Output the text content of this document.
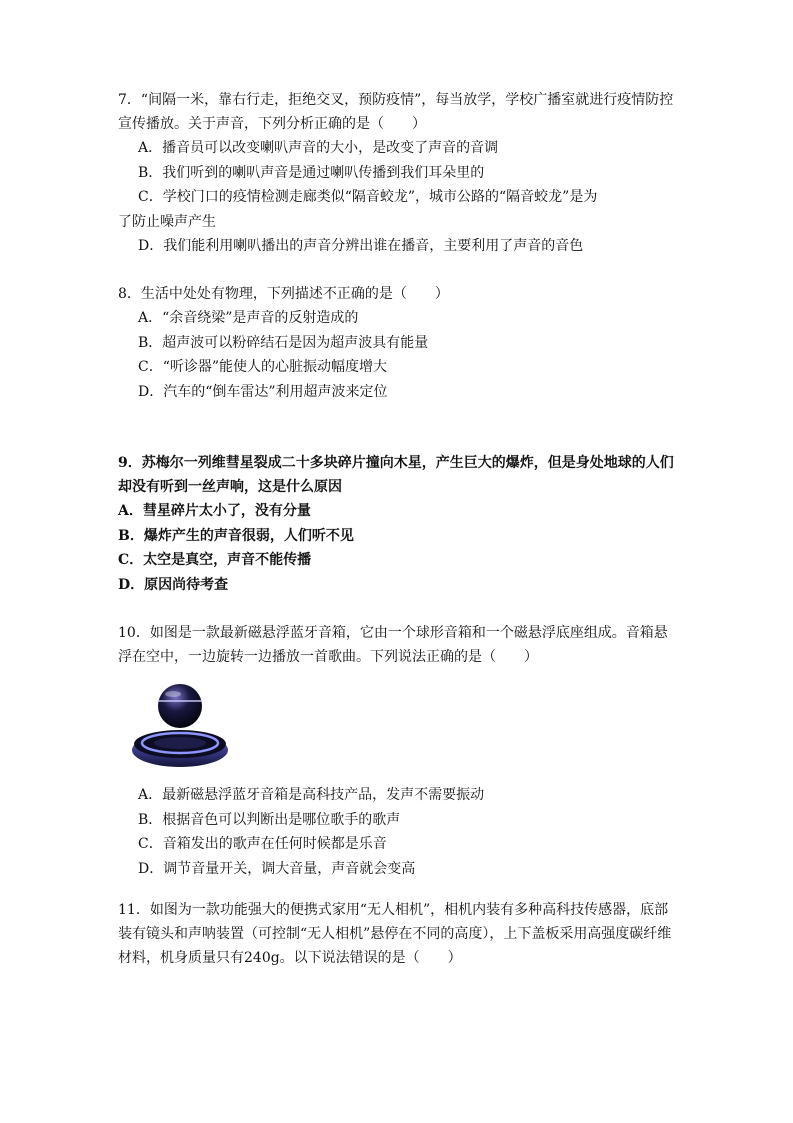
7．“间隔一米，靠右行走，拒绝交叉，预防疫情”，每当放学，学校广播室就进行疫情防控宣传播放。关于声音，下列分析正确的是（　　）

A．播音员可以改变喇叭声音的大小，是改变了声音的音调

B．我们听到的喇叭声音是通过喇叭传播到我们耳朵里的

C．学校门口的疫情检测走廊类似“隔音蛟龙”，城市公路的“隔音蛟龙”是为

了防止噪声产生

D．我们能利用喇叭播出的声音分辨出谁在播音，主要利用了声音的音色

8．生活中处处有物理，下列描述不正确的是（　　）

A．“余音绕梁”是声音的反射造成的

B．超声波可以粉碎结石是因为超声波具有能量

C．“听诊器”能使人的心脏振动幅度增大

D．汽车的“倒车雷达”利用超声波来定位

9．苏梅尔一列维彗星裂成二十多块碎片撞向木星，产生巨大的爆炸，但是身处地球的人们却没有听到一丝声响，这是什么原因

A．彗星碎片太小了，没有分量

B．爆炸产生的声音很弱，人们听不见

C．太空是真空，声音不能传播

D．原因尚待考查

10．如图是一款最新磁悬浮蓝牙音箱，它由一个球形音箱和一个磁悬浮底座组成。音箱悬浮在空中，一边旋转一边播放一首歌曲。下列说法正确的是（　　）

A．最新磁悬浮蓝牙音箱是高科技产品，发声不需要振动

B．根据音色可以判断出是哪位歌手的歌声

C．音箱发出的歌声在任何时候都是乐音

D．调节音量开关，调大音量，声音就会变高

11．如图为一款功能强大的便携式家用“无人相机”，相机内装有多种高科技传感器，底部装有镜头和声呐装置（可控制“无人相机”悬停在不同的高度），上下盖板采用高强度碳纤维材料，机身质量只有240g。以下说法错误的是（　　）
